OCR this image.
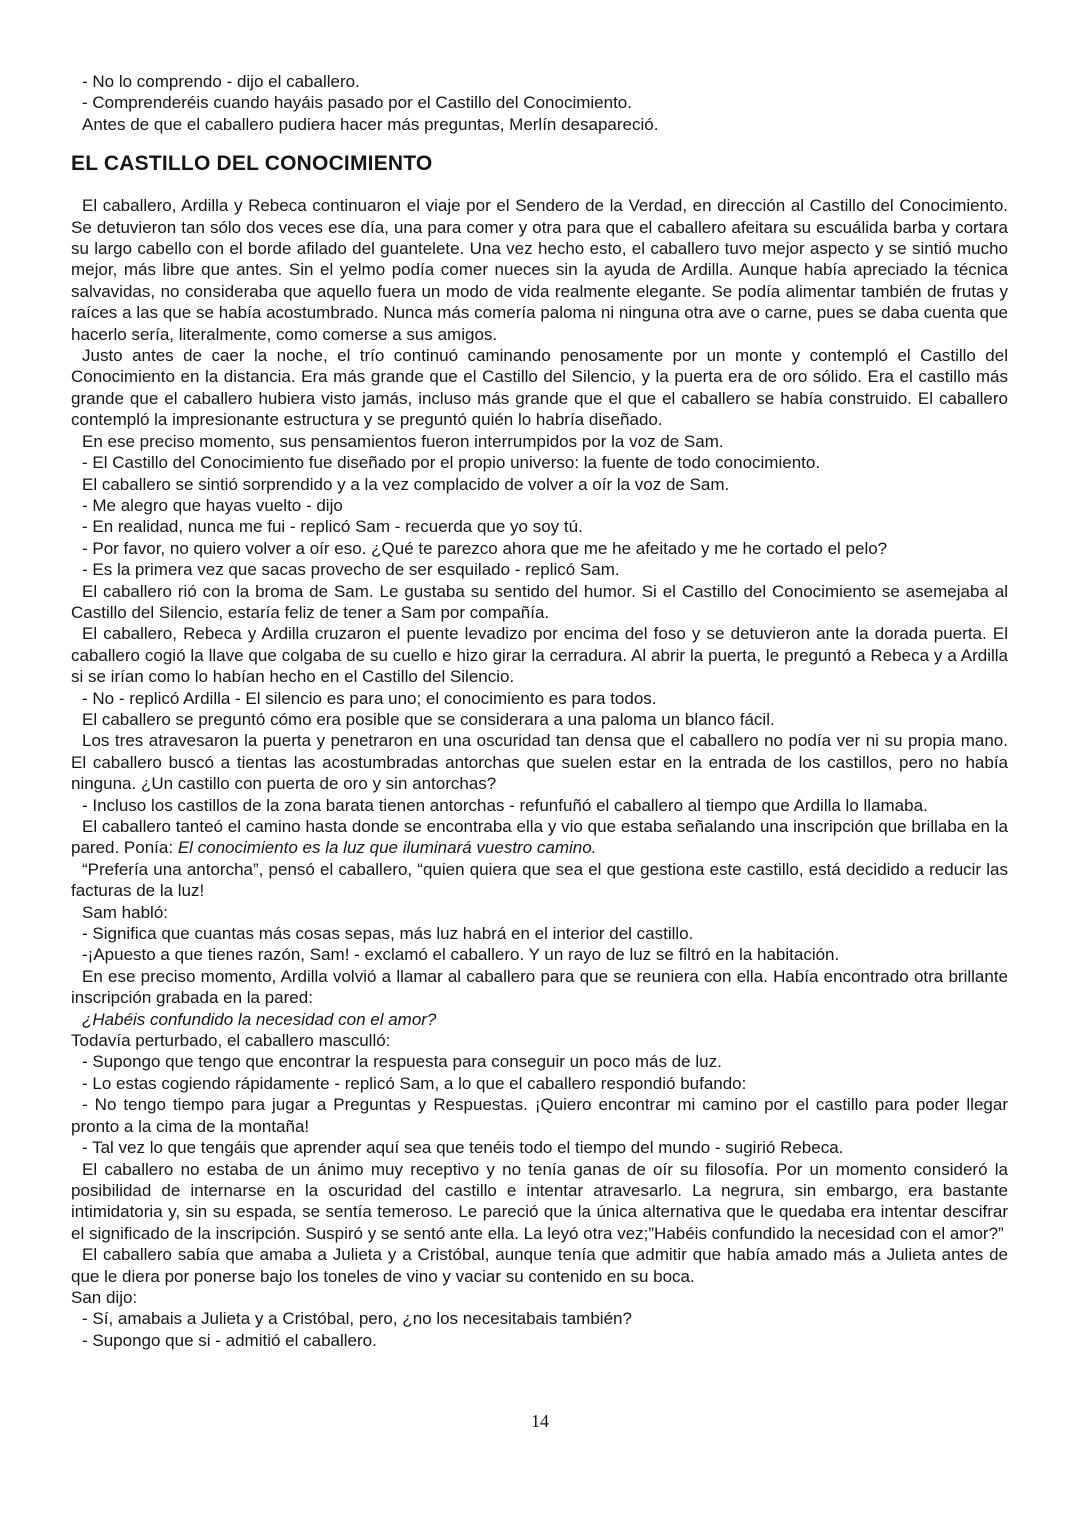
- No lo comprendo - dijo el caballero.

- Comprenderéis cuando hayáis pasado por el Castillo del Conocimiento.

Antes de que el caballero pudiera hacer más preguntas, Merlín desapareció.

EL CASTILLO DEL CONOCIMIENTO

El caballero, Ardilla y Rebeca continuaron el viaje por el Sendero de la Verdad, en dirección al Castillo del Conocimiento. Se detuvieron tan sólo dos veces ese día, una para comer y otra para que el caballero afeitara su escuálida barba y cortara su largo cabello con el borde afilado del guantelete. Una vez hecho esto, el caballero tuvo mejor aspecto y se sintió mucho mejor, más libre que antes. Sin el yelmo podía comer nueces sin la ayuda de Ardilla. Aunque había apreciado la técnica salvavidas, no consideraba que aquello fuera un modo de vida realmente elegante. Se podía alimentar también de frutas y raíces a las que se había acostumbrado. Nunca más comería paloma ni ninguna otra ave o carne, pues se daba cuenta que hacerlo sería, literalmente, como comerse a sus amigos.

Justo antes de caer la noche, el trío continuó caminando penosamente por un monte y contempló el Castillo del Conocimiento en la distancia. Era más grande que el Castillo del Silencio, y la puerta era de oro sólido. Era el castillo más grande que el caballero hubiera visto jamás, incluso más grande que el que el caballero se había construido. El caballero contempló la impresionante estructura y se preguntó quién lo habría diseñado.

En ese preciso momento, sus pensamientos fueron interrumpidos por la voz de Sam.

- El Castillo del Conocimiento fue diseñado por el propio universo: la fuente de todo conocimiento.

El caballero se sintió sorprendido y a la vez complacido de volver a oír la voz de Sam.

- Me alegro que hayas vuelto - dijo

- En realidad, nunca me fui - replicó Sam - recuerda que yo soy tú.

- Por favor, no quiero volver a oír eso. ¿Qué te parezco ahora que me he afeitado y me he cortado el pelo?

- Es la primera vez que sacas provecho de ser esquilado - replicó Sam.

El caballero rió con la broma de Sam. Le gustaba su sentido del humor. Si el Castillo del Conocimiento se asemejaba al Castillo del Silencio, estaría feliz de tener a Sam por compañía.

El caballero, Rebeca y Ardilla cruzaron el puente levadizo por encima del foso y se detuvieron ante la dorada puerta. El caballero cogió la llave que colgaba de su cuello e hizo girar la cerradura. Al abrir la puerta, le preguntó a Rebeca y a Ardilla si se irían como lo habían hecho en el Castillo del Silencio.

- No - replicó Ardilla - El silencio es para uno; el conocimiento es para todos.

El caballero se preguntó cómo era posible que se considerara a una paloma un blanco fácil.

Los tres atravesaron la puerta y penetraron en una oscuridad tan densa que el caballero no podía ver ni su propia mano. El caballero buscó a tientas las acostumbradas antorchas que suelen estar en la entrada de los castillos, pero no había ninguna. ¿Un castillo con puerta de oro y sin antorchas?

- Incluso los castillos de la zona barata tienen antorchas - refunfuñó el caballero al tiempo que Ardilla lo llamaba.

El caballero tanteó el camino hasta donde se encontraba ella y vio que estaba señalando una inscripción que brillaba en la pared. Ponía: El conocimiento es la luz que iluminará vuestro camino.

“Prefería una antorcha”, pensó el caballero, “quien quiera que sea el que gestiona este castillo, está decidido a reducir las facturas de la luz!

Sam habló:

- Significa que cuantas más cosas sepas, más luz habrá en el interior del castillo.

-¡Apuesto a que tienes razón, Sam! - exclamó el caballero. Y un rayo de luz se filtró en la habitación.

En ese preciso momento, Ardilla volvió a llamar al caballero para que se reuniera con ella. Había encontrado otra brillante inscripción grabada en la pared:

¿Habéis confundido la necesidad con el amor?

Todavía perturbado, el caballero masculló:

- Supongo que tengo que encontrar la respuesta para conseguir un poco más de luz.

- Lo estas cogiendo rápidamente - replicó Sam, a lo que el caballero respondió bufando:

- No tengo tiempo para jugar a Preguntas y Respuestas. ¡Quiero encontrar mi camino por el castillo para poder llegar pronto a la cima de la montaña!

- Tal vez lo que tengáis que aprender aquí sea que tenéis todo el tiempo del mundo - sugirió Rebeca.

El caballero no estaba de un ánimo muy receptivo y no tenía ganas de oír su filosofía. Por un momento consideró la posibilidad de internarse en la oscuridad del castillo e intentar atravesarlo. La negrura, sin embargo, era bastante intimidatoria y, sin su espada, se sentía temeroso. Le pareció que la única alternativa que le quedaba era intentar descifrar el significado de la inscripción. Suspiró y se sentó ante ella. La leyó otra vez;”Habéis confundido la necesidad con el amor?”

El caballero sabía que amaba a Julieta y a Cristóbal, aunque tenía que admitir que había amado más a Julieta antes de que le diera por ponerse bajo los toneles de vino y vaciar su contenido en su boca.

San dijo:

- Sí, amabais a Julieta y a Cristóbal, pero, ¿no los necesitabais también?

- Supongo que si - admitió el caballero.

14
